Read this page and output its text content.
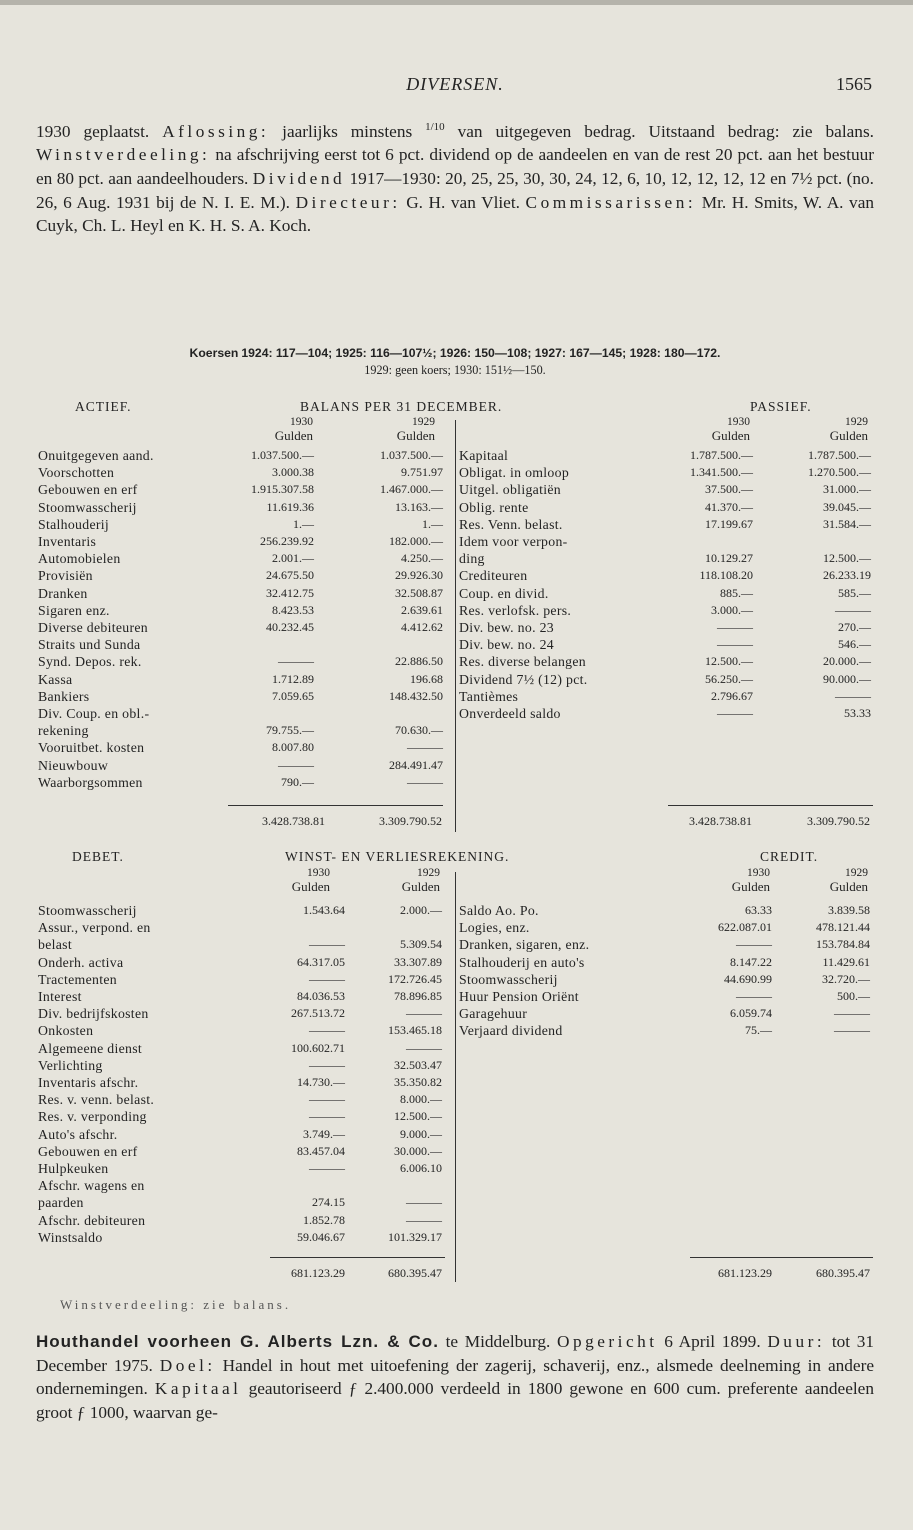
DIVERSEN.	1565

1930 geplaatst. Aflossing: jaarlijks minstens $^{1/10}$ van uitgegeven bedrag. Uitstaand bedrag: zie balans. Winstverdeeling: na afschrijving eerst tot 6 pct. dividend op de aandeelen en van de rest 20 pct. aan het bestuur en 80 pct. aan aandeelhouders. Dividend 1917—1930: 20, 25, 25, 30, 30, 24, 12, 6, 10, 12, 12, 12, 12 en 7½ pct. (no. 26, 6 Aug. 1931 bij de N. I. E. M.). Directeur: G. H. van Vliet. Commissarissen: Mr. H. Smits, W. A. van Cuyk, Ch. L. Heyl en K. H. S. A. Koch.

Koersen 1924: 117—104; 1925: 116—107½; 1926: 150—108; 1927: 167—145; 1928: 180—172.
1929: geen koers; 1930: 151½—150.
ACTIEF.	BALANS PER 31 DECEMBER.	PASSIEF.
1930
Gulden
1929
Gulden
1930
Gulden
1929
Gulden
Onuitgegeven aand.	1.037.500.—	1.037.500.—
Voorschotten	3.000.38	9.751.97
Gebouwen en erf	1.915.307.58	1.467.000.—
Stoomwasscherij	11.619.36	13.163.—
Stalhouderij	1.—	1.—
Inventaris	256.239.92	182.000.—
Automobielen	2.001.—	4.250.—
Provisiën	24.675.50	29.926.30
Dranken	32.412.75	32.508.87
Sigaren enz.	8.423.53	2.639.61
Diverse debiteuren	40.232.45	4.412.62
Straits und Sunda
Synd. Depos. rek.	———	22.886.50
Kassa	1.712.89	196.68
Bankiers	7.059.65	148.432.50
Div. Coup. en obl.-
rekening	79.755.—	70.630.—
Vooruitbet. kosten	8.007.80	———
Nieuwbouw	———	284.491.47
Waarborgsommen	790.—	———
Kapitaal	1.787.500.—	1.787.500.—
Obligat. in omloop	1.341.500.—	1.270.500.—
Uitgel. obligatiën	37.500.—	31.000.—
Oblig. rente	41.370.—	39.045.—
Res. Venn. belast.	17.199.67	31.584.—
Idem voor verpon-
ding	10.129.27	12.500.—
Crediteuren	118.108.20	26.233.19
Coup. en divid.	885.—	585.—
Res. verlofsk. pers.	3.000.—	———
Div. bew. no. 23	———	270.—
Div. bew. no. 24	———	546.—
Res. diverse belangen	12.500.—	20.000.—
Dividend 7½ (12) pct.	56.250.—	90.000.—
Tantièmes	2.796.67	———
Onverdeeld saldo	———	53.33
3.428.738.81	3.309.790.52	3.428.738.81	3.309.790.52
DEBET.	WINST- EN VERLIESREKENING.	CREDIT.
1930
Gulden
1929
Gulden
1930
Gulden
1929
Gulden
Stoomwasscherij	1.543.64	2.000.—
Assur., verpond. en
belast	———	5.309.54
Onderh. activa	64.317.05	33.307.89
Tractementen	———	172.726.45
Interest	84.036.53	78.896.85
Div. bedrijfskosten	267.513.72	———
Onkosten	———	153.465.18
Algemeene dienst	100.602.71	———
Verlichting	———	32.503.47
Inventaris afschr.	14.730.—	35.350.82
Res. v. venn. belast.	———	8.000.—
Res. v. verponding	———	12.500.—
Auto's afschr.	3.749.—	9.000.—
Gebouwen en erf	83.457.04	30.000.—
Hulpkeuken	———	6.006.10
Afschr. wagens en
paarden	274.15	———
Afschr. debiteuren	1.852.78	———
Winstsaldo	59.046.67	101.329.17
Saldo Ao. Po.	63.33	3.839.58
Logies, enz.	622.087.01	478.121.44
Dranken, sigaren, enz.	———	153.784.84
Stalhouderij en auto's	8.147.22	11.429.61
Stoomwasscherij	44.690.99	32.720.—
Huur Pension Oriënt	———	500.—
Garagehuur	6.059.74	———
Verjaard dividend	75.—	———
681.123.29	680.395.47	681.123.29	680.395.47
Winstverdeeling: zie balans.

Houthandel voorheen G. Alberts Lzn. & Co. te Middelburg. Opgericht 6 April 1899. Duur: tot 31 December 1975. Doel: Handel in hout met uitoefening der zagerij, schaverij, enz., alsmede deelneming in andere ondernemingen. Kapitaal geautoriseerd ƒ 2.400.000 verdeeld in 1800 gewone en 600 cum. preferente aandeelen groot ƒ 1000, waarvan ge-
